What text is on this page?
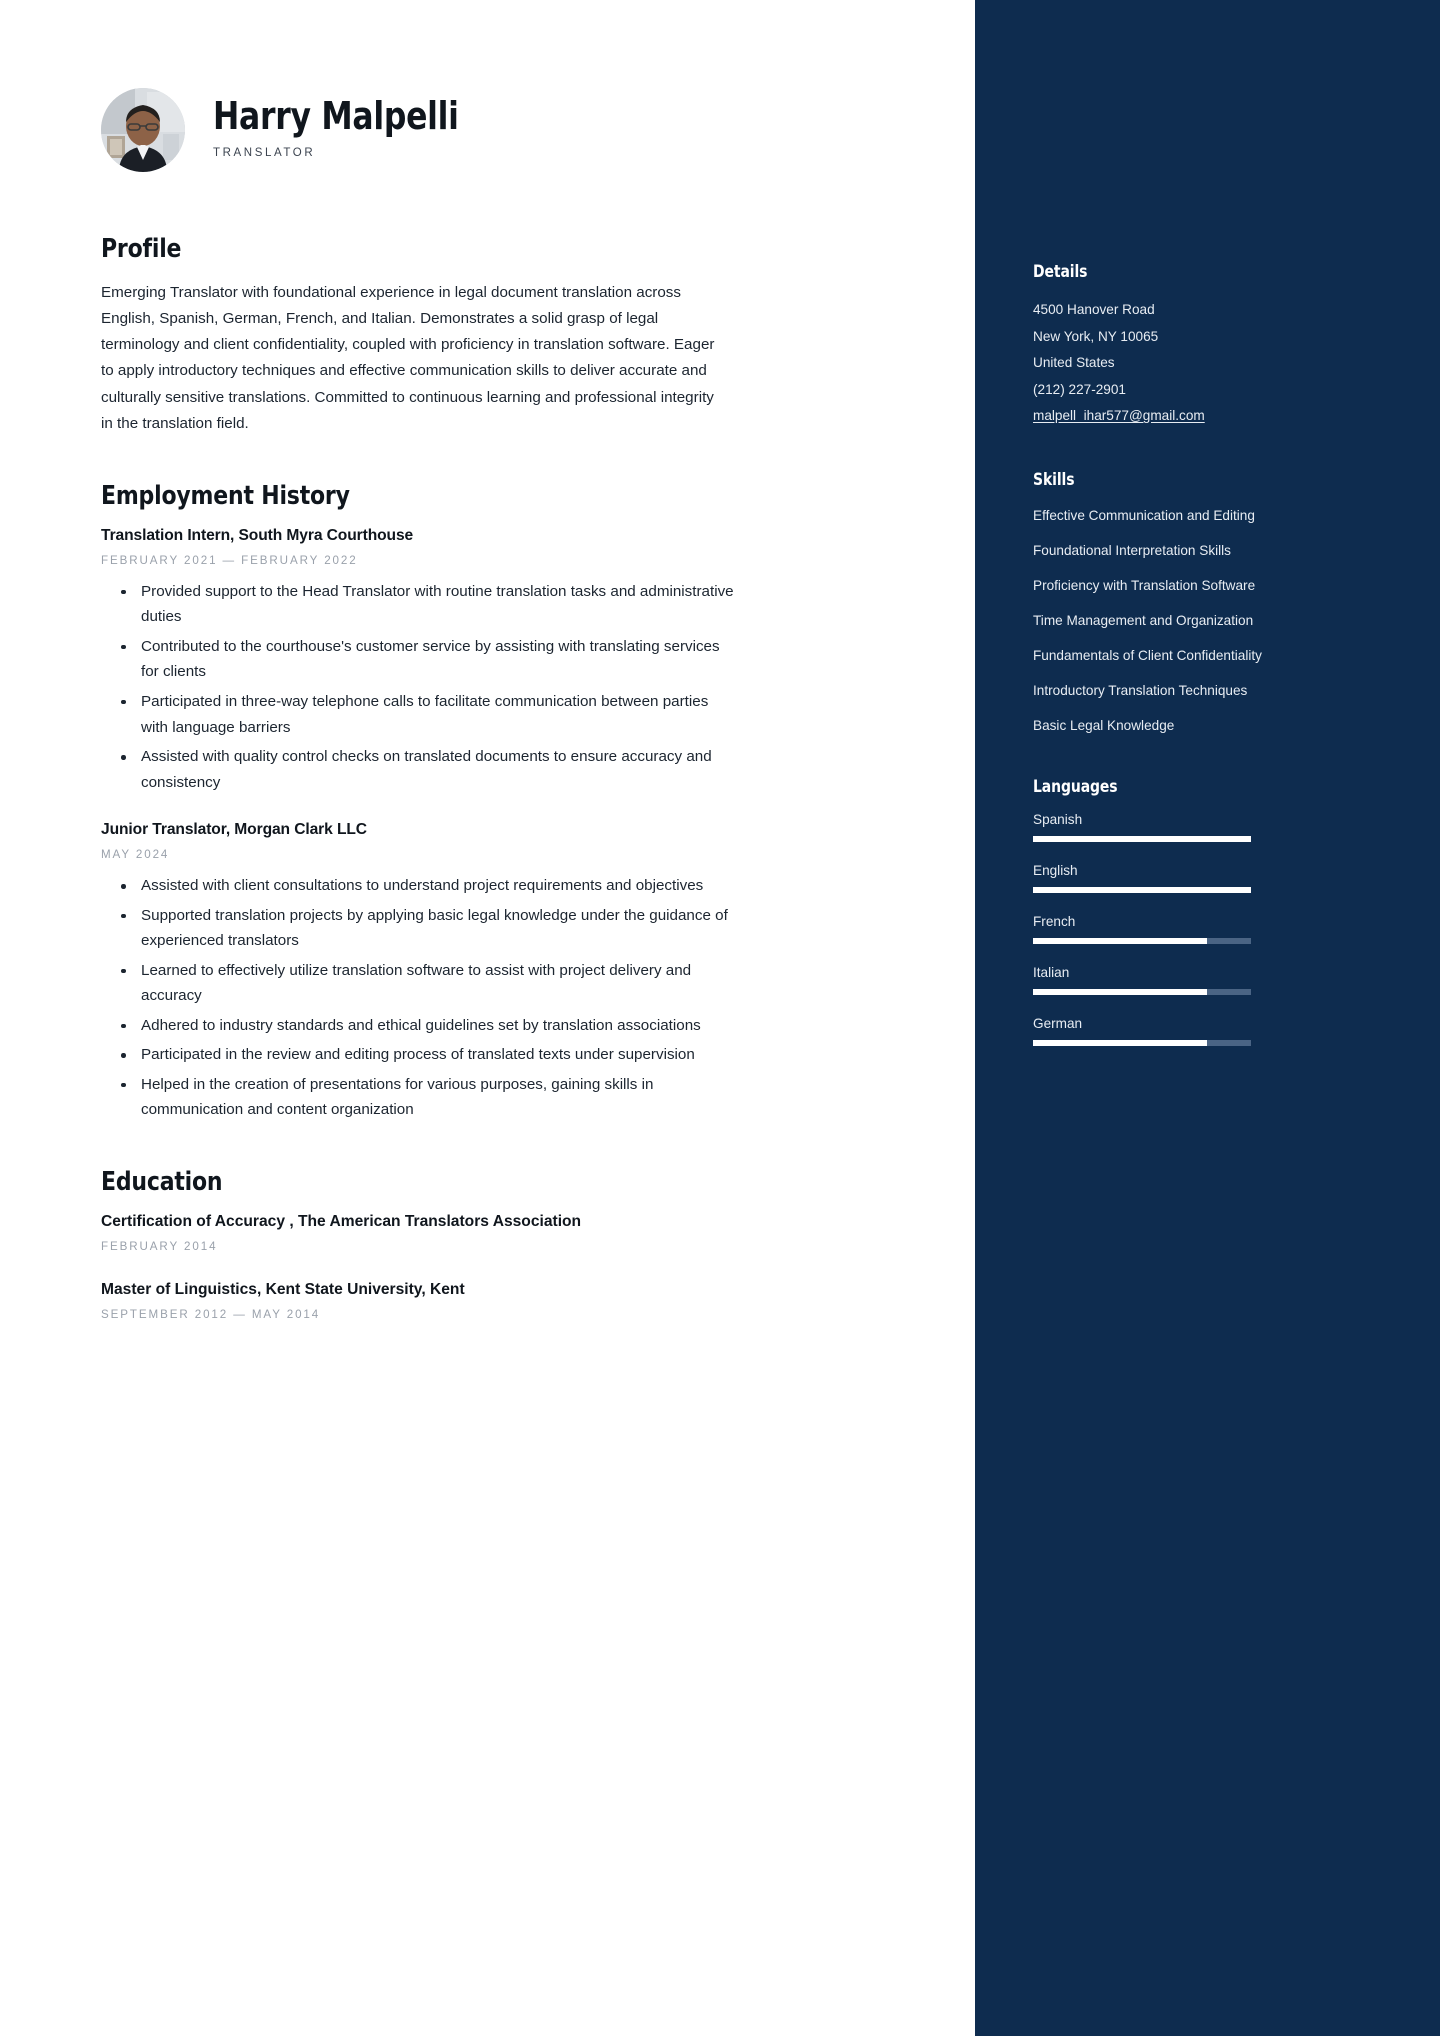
Harry Malpelli
TRANSLATOR
Profile

Emerging Translator with foundational experience in legal document translation across English, Spanish, German, French, and Italian. Demonstrates a solid grasp of legal terminology and client confidentiality, coupled with proficiency in translation software. Eager to apply introductory techniques and effective communication skills to deliver accurate and culturally sensitive translations. Committed to continuous learning and professional integrity in the translation field.

Employment History
Translation Intern, South Myra Courthouse
FEBRUARY 2021 — FEBRUARY 2022
Provided support to the Head Translator with routine translation tasks and administrative duties
Contributed to the courthouse's customer service by assisting with translating services for clients
Participated in three-way telephone calls to facilitate communication between parties with language barriers
Assisted with quality control checks on translated documents to ensure accuracy and consistency
Junior Translator, Morgan Clark LLC
MAY 2024
Assisted with client consultations to understand project requirements and objectives
Supported translation projects by applying basic legal knowledge under the guidance of experienced translators
Learned to effectively utilize translation software to assist with project delivery and accuracy
Adhered to industry standards and ethical guidelines set by translation associations
Participated in the review and editing process of translated texts under supervision
Helped in the creation of presentations for various purposes, gaining skills in communication and content organization
Education
Certification of Accuracy , The American Translators Association
FEBRUARY 2014
Master of Linguistics, Kent State University, Kent
SEPTEMBER 2012 — MAY 2014
Details
4500 Hanover Road
New York, NY 10065
United States
(212) 227-2901
malpell_ihar577@gmail.com
Skills
Effective Communication and Editing
Foundational Interpretation Skills
Proficiency with Translation Software
Time Management and Organization
Fundamentals of Client Confidentiality
Introductory Translation Techniques
Basic Legal Knowledge
Languages
Spanish
English
French
Italian
German
